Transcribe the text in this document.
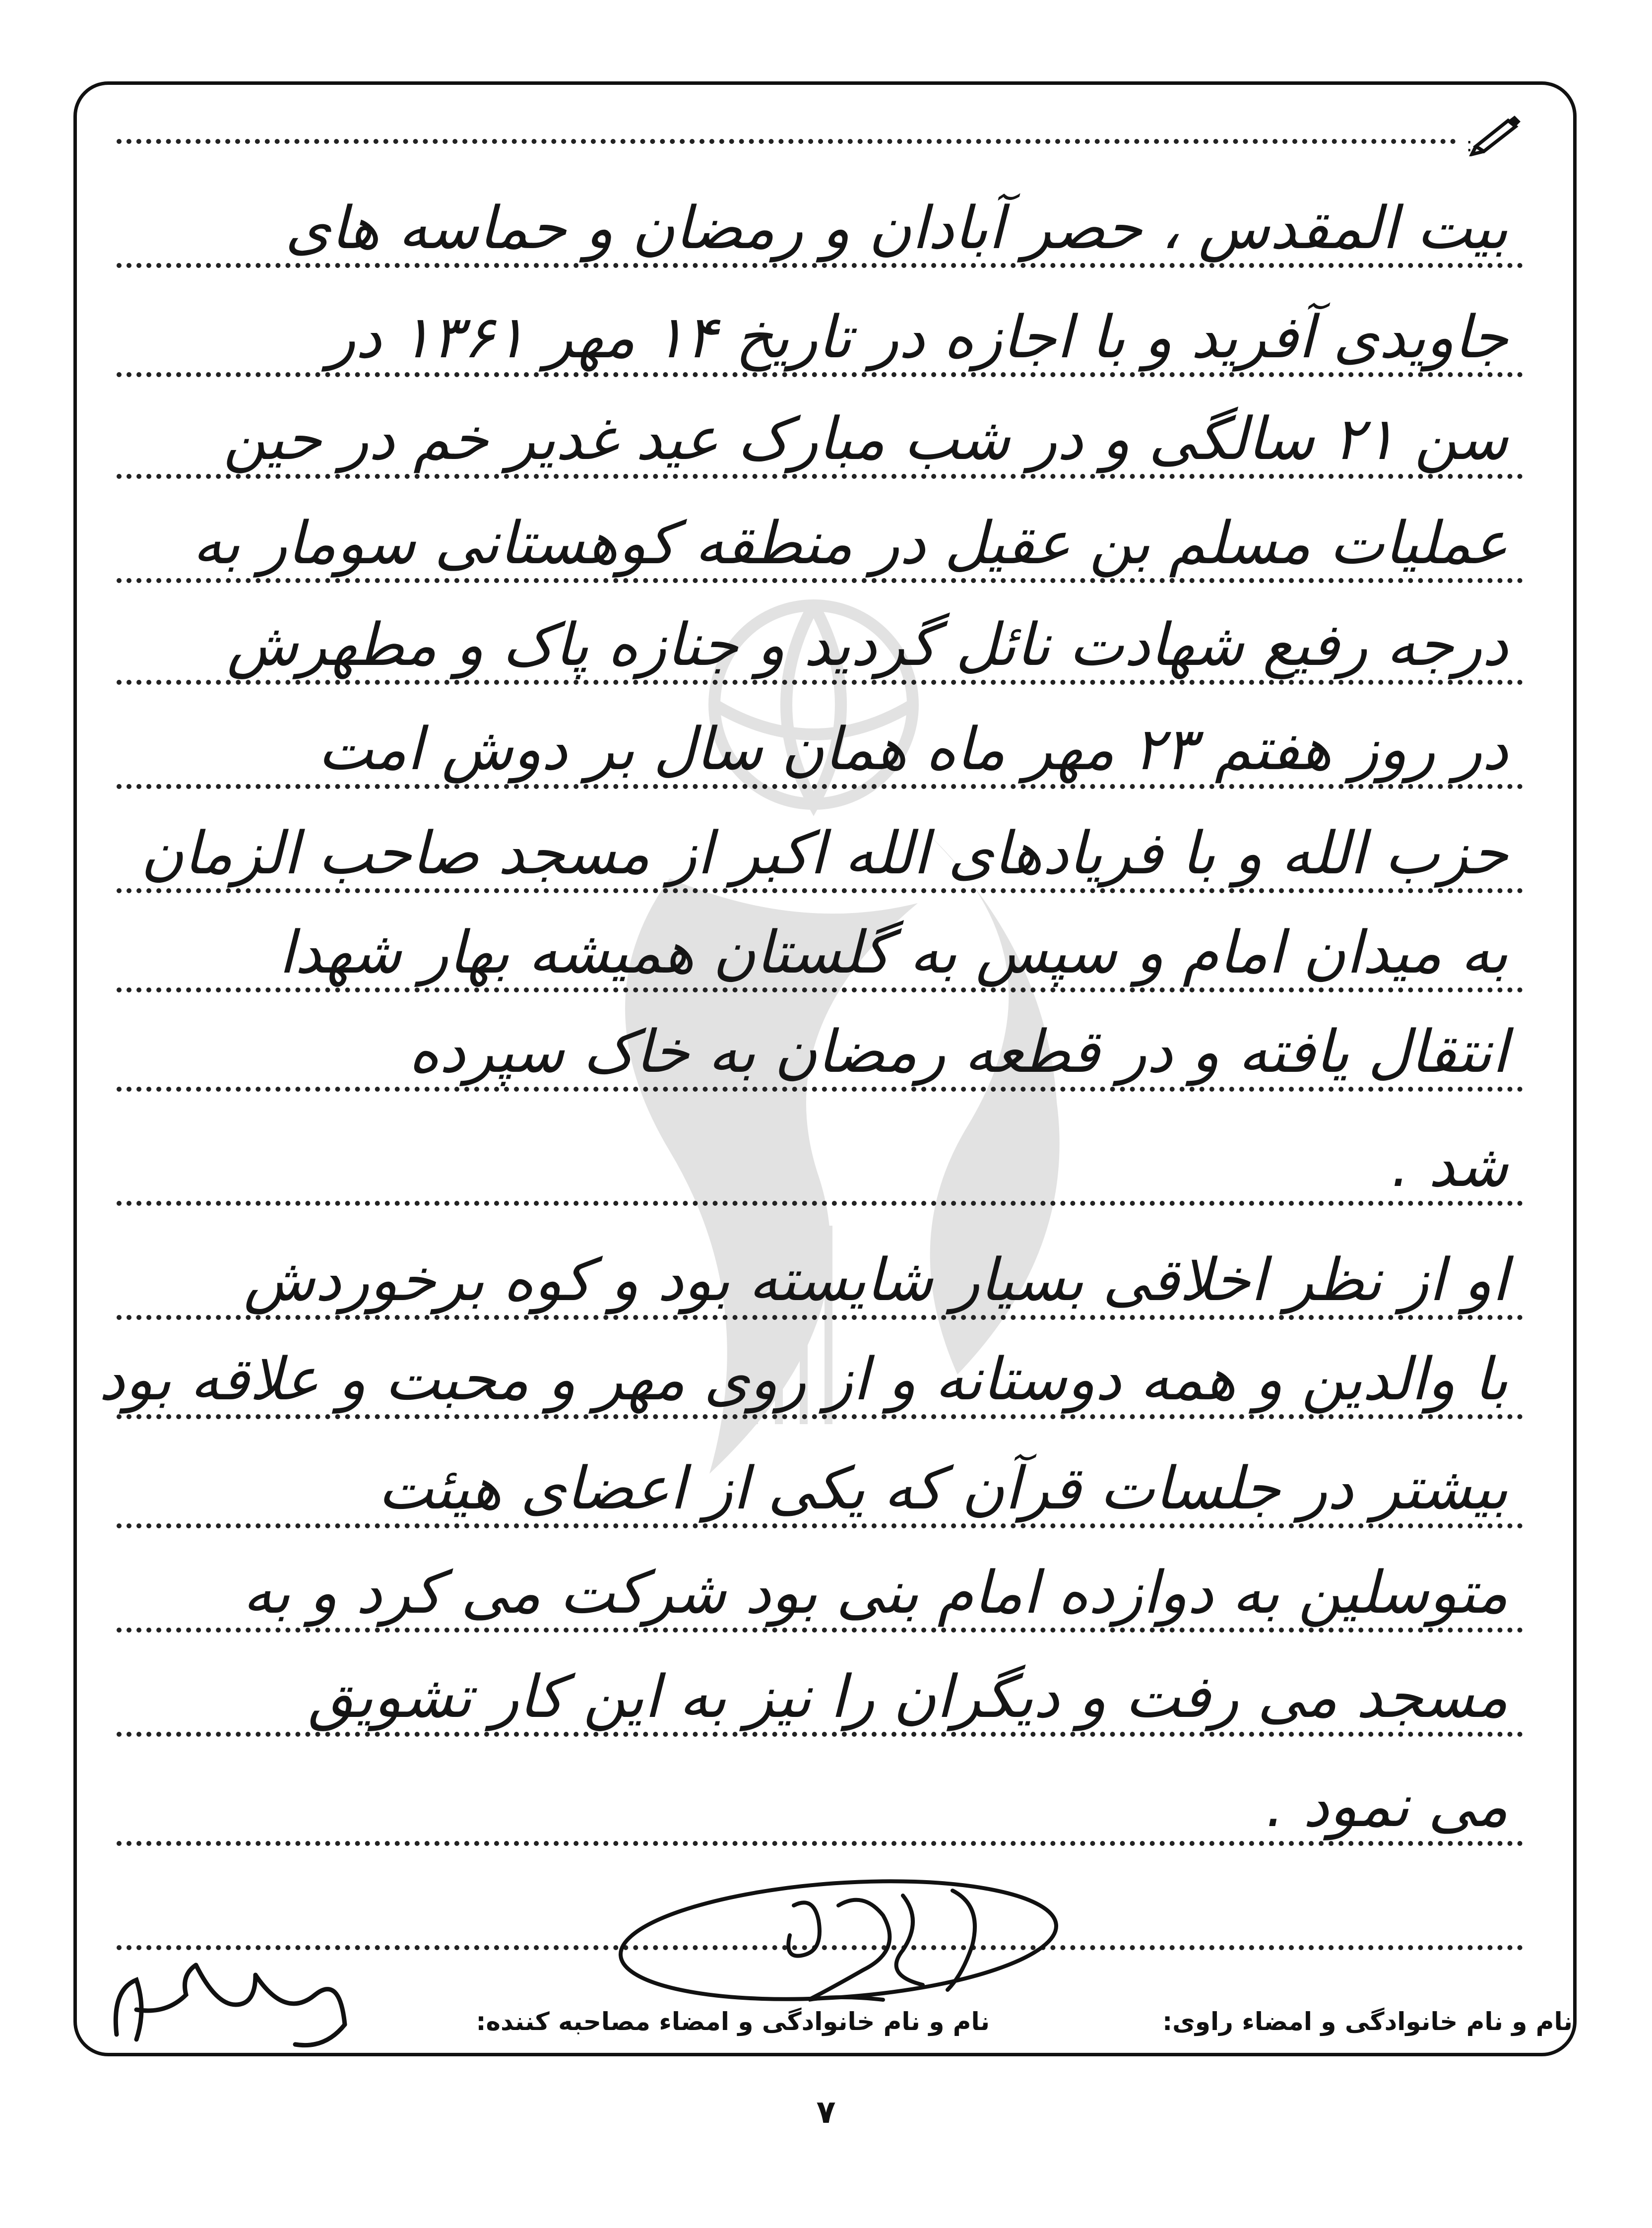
:
بیت المقدس ، حصر آبادان و رمضان و حماسه های
جاویدی آفرید و با اجازه در تاریخ ۱۴ مهر ۱۳۶۱ در
سن ۲۱ سالگی و در شب مبارک عید غدیر خم در حین
عملیات مسلم بن عقیل در منطقه کوهستانی سومار به
درجه رفیع شهادت نائل گردید و جنازه پاک و مطهرش
در روز هفتم ۲۳ مهر ماه همان سال بر دوش امت
حزب الله و با فریادهای الله اکبر از مسجد صاحب الزمان
به میدان امام و سپس به گلستان همیشه بهار شهدا
انتقال یافته و در قطعه رمضان به خاک سپرده
شد .
او از نظر اخلاقی بسیار شایسته بود و کوه برخوردش
با والدین و همه دوستانه و از روی مهر و محبت و علاقه بود
بیشتر در جلسات قرآن که یکی از اعضای هیئت
متوسلین به دوازده امام بنی بود شرکت می کرد و به
مسجد می رفت و دیگران را نیز به این کار تشویق
می نمود .
نام و نام خانوادگی و امضاء راوی:
نام و نام خانوادگی و امضاء مصاحبه کننده:
۷
